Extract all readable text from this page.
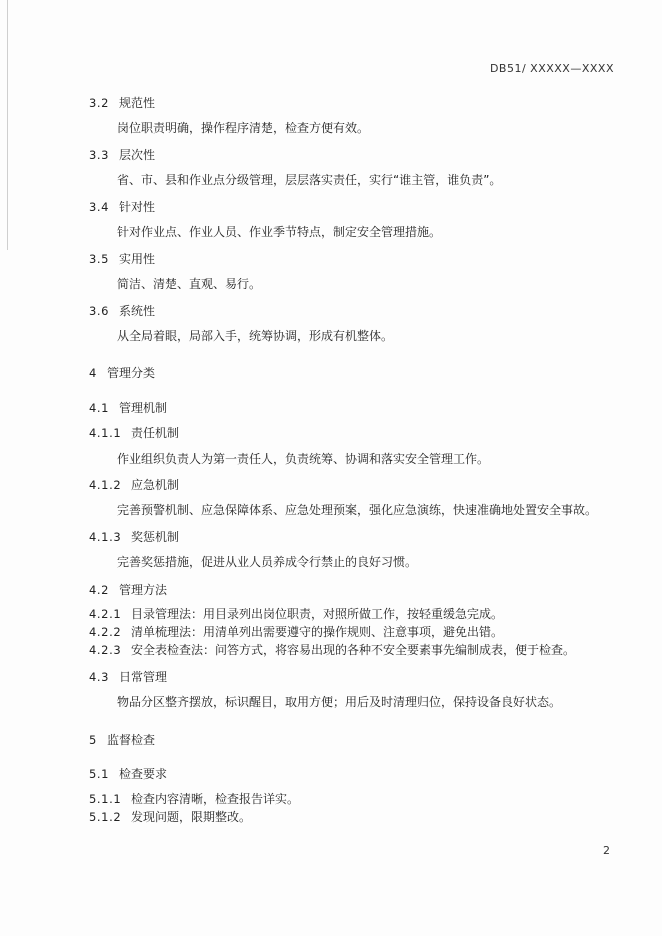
DB51/ XXXXX—XXXX
3.2 规范性
岗位职责明确，操作程序清楚，检查方便有效。
3.3 层次性
省、市、县和作业点分级管理，层层落实责任，实行“谁主管，谁负责”。
3.4 针对性
针对作业点、作业人员、作业季节特点，制定安全管理措施。
3.5 实用性
简洁、清楚、直观、易行。
3.6 系统性
从全局着眼，局部入手，统筹协调，形成有机整体。
4 管理分类
4.1 管理机制
4.1.1 责任机制
作业组织负责人为第一责任人，负责统筹、协调和落实安全管理工作。
4.1.2 应急机制
完善预警机制、应急保障体系、应急处理预案，强化应急演练，快速准确地处置安全事故。
4.1.3 奖惩机制
完善奖惩措施，促进从业人员养成令行禁止的良好习惯。
4.2 管理方法
4.2.1 目录管理法：用目录列出岗位职责，对照所做工作，按轻重缓急完成。
4.2.2 清单梳理法：用清单列出需要遵守的操作规则、注意事项，避免出错。
4.2.3 安全表检查法：问答方式，将容易出现的各种不安全要素事先编制成表，便于检查。
4.3 日常管理
物品分区整齐摆放，标识醒目，取用方便；用后及时清理归位，保持设备良好状态。
5 监督检查
5.1 检查要求
5.1.1 检查内容清晰，检查报告详实。
5.1.2 发现问题，限期整改。
2
